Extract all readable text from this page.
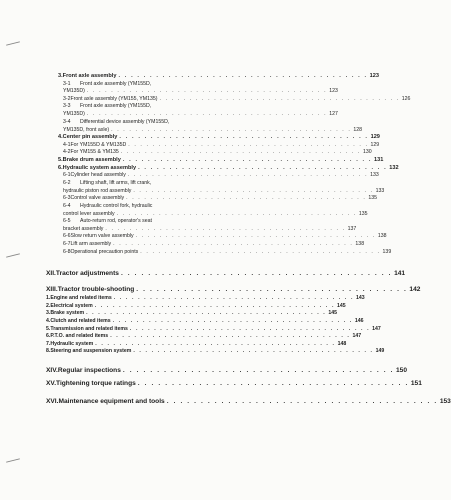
3. Front axle assembly . . . . . . . . . . . . . . . . . . . . . . . . . . . . . . . . . . . . . . . . 123
3-1	Front axle assembly (YM155D,
YM135D) . . . . . . . . . . . . . . . . . . . . . . . . . . . . . . . . . . . . . . . . 123
3-2 Front axle assembly (YM155, YM135) . . . . . . . . . . . . . . . . . . . . . . . . . . . . . . . . . . . . . . . . 126
3-3	Front axle assembly (YM155D,
YM135D) . . . . . . . . . . . . . . . . . . . . . . . . . . . . . . . . . . . . . . . . 127
3-4	Differential device assembly (YM155D,
YM135D, front axle) . . . . . . . . . . . . . . . . . . . . . . . . . . . . . . . . . . . . . . . . 128
4. Center pin assembly . . . . . . . . . . . . . . . . . . . . . . . . . . . . . . . . . . . . . . . . 129
4-1 For YM155D & YM135D . . . . . . . . . . . . . . . . . . . . . . . . . . . . . . . . . . . . . . . . 129
4-2 For YM155 & YM135 . . . . . . . . . . . . . . . . . . . . . . . . . . . . . . . . . . . . . . . . 130
5. Brake drum assembly . . . . . . . . . . . . . . . . . . . . . . . . . . . . . . . . . . . . . . . . 131
6. Hydraulic system assembly . . . . . . . . . . . . . . . . . . . . . . . . . . . . . . . . . . . . . . . . 132
6-1 Cylinder head assembly . . . . . . . . . . . . . . . . . . . . . . . . . . . . . . . . . . . . . . . . 133
6-2	Lifting shaft, lift arms, lift crank,
hydraulic piston rod assembly . . . . . . . . . . . . . . . . . . . . . . . . . . . . . . . . . . . . . . . . 133
6-3 Control valve assembly . . . . . . . . . . . . . . . . . . . . . . . . . . . . . . . . . . . . . . . . 135
6-4	Hydraulic control fork, hydraulic
control lever assembly . . . . . . . . . . . . . . . . . . . . . . . . . . . . . . . . . . . . . . . . 135
6-5	Auto-return rod, operator's seat
bracket assembly . . . . . . . . . . . . . . . . . . . . . . . . . . . . . . . . . . . . . . . . 137
6-6 Slow return valve assembly . . . . . . . . . . . . . . . . . . . . . . . . . . . . . . . . . . . . . . . . 138
6-7 Lift arm assembly . . . . . . . . . . . . . . . . . . . . . . . . . . . . . . . . . . . . . . . . 138
6-8 Operational precaution points . . . . . . . . . . . . . . . . . . . . . . . . . . . . . . . . . . . . . . . . 139
XII. Tractor adjustments . . . . . . . . . . . . . . . . . . . . . . . . . . . . . . . . . . . . . . . . 141
XIII. Tractor trouble-shooting . . . . . . . . . . . . . . . . . . . . . . . . . . . . . . . . . . . . . . . . 142
1. Engine and related items . . . . . . . . . . . . . . . . . . . . . . . . . . . . . . . . . . . . . . . . 143
2. Electrical system . . . . . . . . . . . . . . . . . . . . . . . . . . . . . . . . . . . . . . . . 145
3. Brake system . . . . . . . . . . . . . . . . . . . . . . . . . . . . . . . . . . . . . . . . 145
4. Clutch and related items . . . . . . . . . . . . . . . . . . . . . . . . . . . . . . . . . . . . . . . . 146
5. Transmission and related items . . . . . . . . . . . . . . . . . . . . . . . . . . . . . . . . . . . . . . . . 147
6. P.T.O. and related items . . . . . . . . . . . . . . . . . . . . . . . . . . . . . . . . . . . . . . . . 147
7. Hydraulic system . . . . . . . . . . . . . . . . . . . . . . . . . . . . . . . . . . . . . . . . 148
8. Steering and suspension system . . . . . . . . . . . . . . . . . . . . . . . . . . . . . . . . . . . . . . . . 149
XIV. Regular inspections . . . . . . . . . . . . . . . . . . . . . . . . . . . . . . . . . . . . . . . . 150
XV. Tightening torque ratings . . . . . . . . . . . . . . . . . . . . . . . . . . . . . . . . . . . . . . . . 151
XVI. Maintenance equipment and tools . . . . . . . . . . . . . . . . . . . . . . . . . . . . . . . . . . . . . . . . 153
